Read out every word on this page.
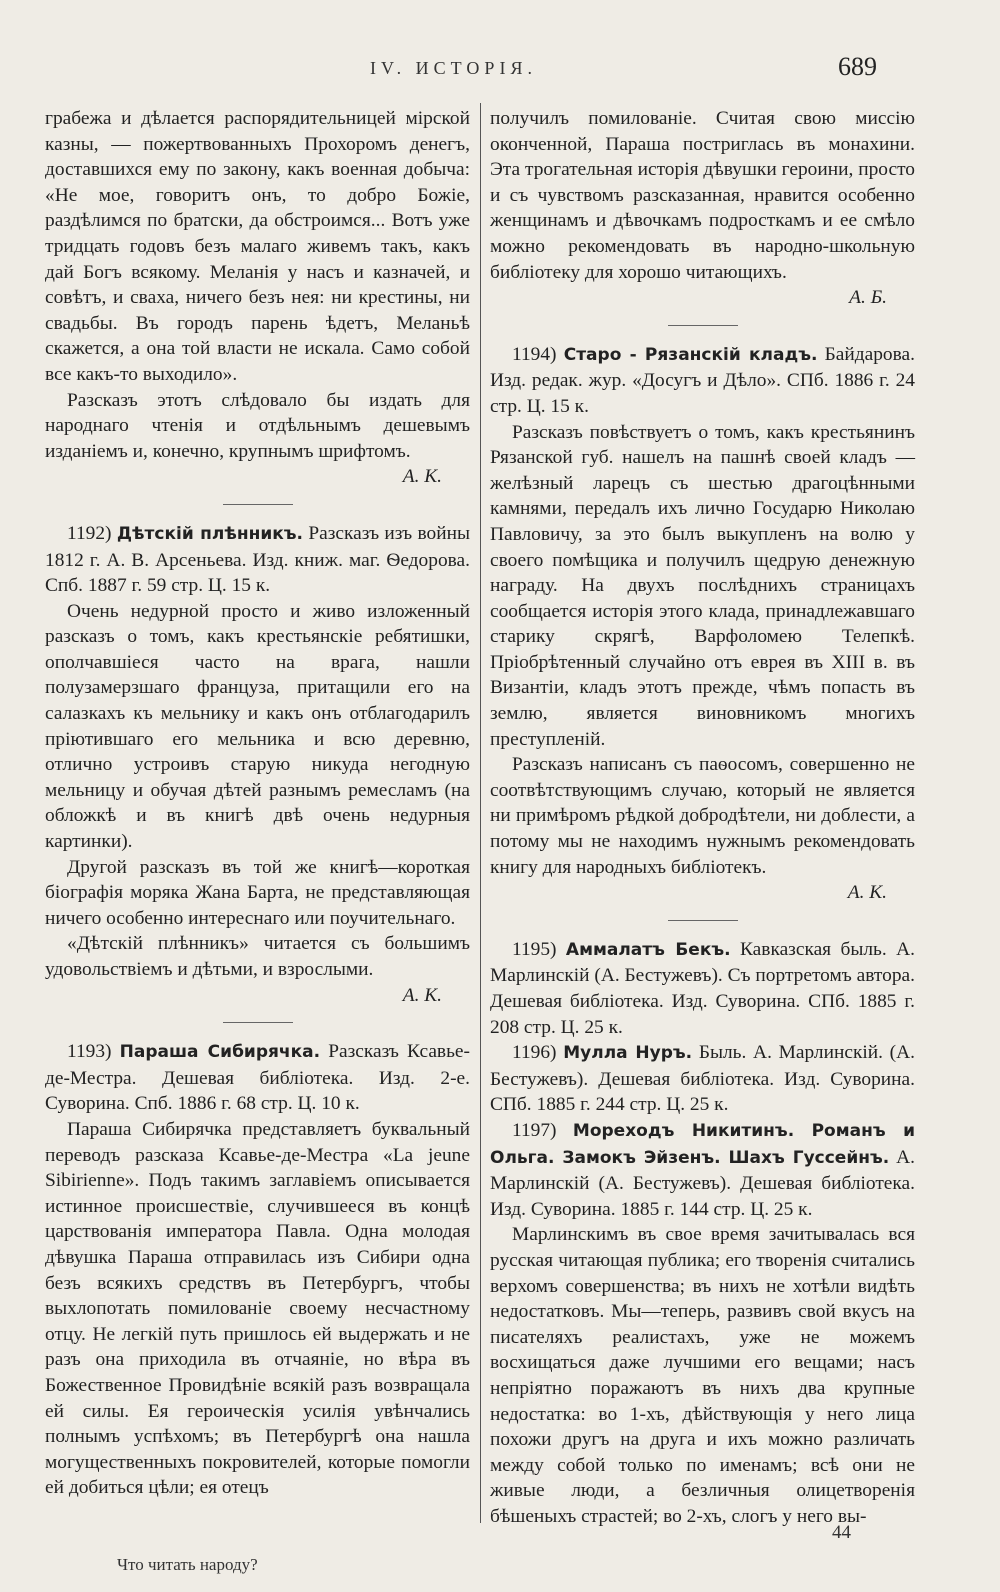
IV. ИСТОРІЯ.	689

грабежа и дѣлается распорядительницей мірской казны, — пожертвованныхъ Прохоромъ денегъ, доставшихся ему по закону, какъ военная добыча: «Не мое, говоритъ онъ, то добро Божіе, раздѣлимся по братски, да обстроимся... Вотъ уже тридцать годовъ безъ малаго живемъ такъ, какъ дай Богъ всякому. Меланія у насъ и казначей, и совѣтъ, и сваха, ничего безъ нея: ни крестины, ни свадьбы. Въ городъ парень ѣдетъ, Меланьѣ скажется, а она той власти не искала. Само собой все какъ-то выходило».

Разсказъ этотъ слѣдовало бы издать для народнаго чтенія и отдѣльнымъ дешевымъ изданіемъ и, конечно, крупнымъ шрифтомъ.

А. К.

1192) Дѣтскій плѣнникъ. Разсказъ изъ войны 1812 г. А. В. Арсеньева. Изд. книж. маг. Ѳедорова. Спб. 1887 г. 59 стр. Ц. 15 к.

Очень недурной просто и живо изложенный разсказъ о томъ, какъ крестьянскіе ребятишки, ополчавшіеся часто на врага, нашли полузамерзшаго француза, притащили его на салазкахъ къ мельнику и какъ онъ отблагодарилъ пріютившаго его мельника и всю деревню, отлично устроивъ старую никуда негодную мельницу и обучая дѣтей разнымъ ремесламъ (на обложкѣ и въ книгѣ двѣ очень недурныя картинки).

Другой разсказъ въ той же книгѣ—короткая біографія моряка Жана Барта, не представляющая ничего особенно интереснаго или поучительнаго.

«Дѣтскій плѣнникъ» читается съ большимъ удовольствіемъ и дѣтьми, и взрослыми.

А. К.

1193) Параша Сибирячка. Разсказъ Ксавье-де-Местра. Дешевая библіотека. Изд. 2-е. Суворина. Спб. 1886 г. 68 стр. Ц. 10 к.

Параша Сибирячка представляетъ буквальный переводъ разсказа Ксавье-де-Местра «La jeune Sibirienne». Подъ такимъ заглавіемъ описывается истинное происшествіе, случившееся въ концѣ царствованія императора Павла. Одна молодая дѣвушка Параша отправилась изъ Сибири одна безъ всякихъ средствъ въ Петербургъ, чтобы выхлопотать помилованіе своему несчастному отцу. Не легкій путь пришлось ей выдержать и не разъ она приходила въ отчаяніе, но вѣра въ Божественное Провидѣніе всякій разъ возвращала ей силы. Ея героическія усилія увѣнчались полнымъ успѣхомъ; въ Петербургѣ она нашла могущественныхъ покровителей, которые помогли ей добиться цѣли; ея отецъ

получилъ помилованіе. Считая свою миссію оконченной, Параша постриглась въ монахини. Эта трогательная исторія дѣвушки героини, просто и съ чувствомъ разсказанная, нравится особенно женщинамъ и дѣвочкамъ подросткамъ и ее смѣло можно рекомендовать въ народно-школьную библіотеку для хорошо читающихъ.

А. Б.

1194) Старо - Рязанскій кладъ. Байдарова. Изд. редак. жур. «Досугъ и Дѣло». СПб. 1886 г. 24 стр. Ц. 15 к.

Разсказъ повѣствуетъ о томъ, какъ крестьянинъ Рязанской губ. нашелъ на пашнѣ своей кладъ — желѣзный ларецъ съ шестью драгоцѣнными камнями, передалъ ихъ лично Государю Николаю Павловичу, за это былъ выкупленъ на волю у своего помѣщика и получилъ щедрую денежную награду. На двухъ послѣднихъ страницахъ сообщается исторія этого клада, принадлежавшаго старику скрягѣ, Варфоломею Телепкѣ. Пріобрѣтенный случайно отъ еврея въ XIII в. въ Византіи, кладъ этотъ прежде, чѣмъ попасть въ землю, является виновникомъ многихъ преступленій.

Разсказъ написанъ съ паѳосомъ, совершенно не соотвѣтствующимъ случаю, который не является ни примѣромъ рѣдкой добродѣтели, ни доблести, а потому мы не находимъ нужнымъ рекомендовать книгу для народныхъ библіотекъ.

А. К.

1195) Аммалатъ Бекъ. Кавказская быль. А. Марлинскій (А. Бестужевъ). Съ портретомъ автора. Дешевая библіотека. Изд. Суворина. СПб. 1885 г. 208 стр. Ц. 25 к.

1196) Мулла Нуръ. Быль. А. Марлинскій. (А. Бестужевъ). Дешевая библіотека. Изд. Суворина. СПб. 1885 г. 244 стр. Ц. 25 к.

1197) Мореходъ Никитинъ. Романъ и Ольга. Замокъ Эйзенъ. Шахъ Гуссейнъ. А. Марлинскій (А. Бестужевъ). Дешевая библіотека. Изд. Суворина. 1885 г. 144 стр. Ц. 25 к.

Марлинскимъ въ свое время зачитывалась вся русская читающая публика; его творенія считались верхомъ совершенства; въ нихъ не хотѣли видѣть недостатковъ. Мы—теперь, развивъ свой вкусъ на писателяхъ реалистахъ, уже не можемъ восхищаться даже лучшими его вещами; насъ непріятно поражаютъ въ нихъ два крупные недостатка: во 1-хъ, дѣйствующія у него лица похожи другъ на друга и ихъ можно различать между собой только по именамъ; всѣ они не живые люди, а безличныя олицетворенія бѣшеныхъ страстей; во 2-хъ, слогъ у него вы-

44
Что читать народу?
